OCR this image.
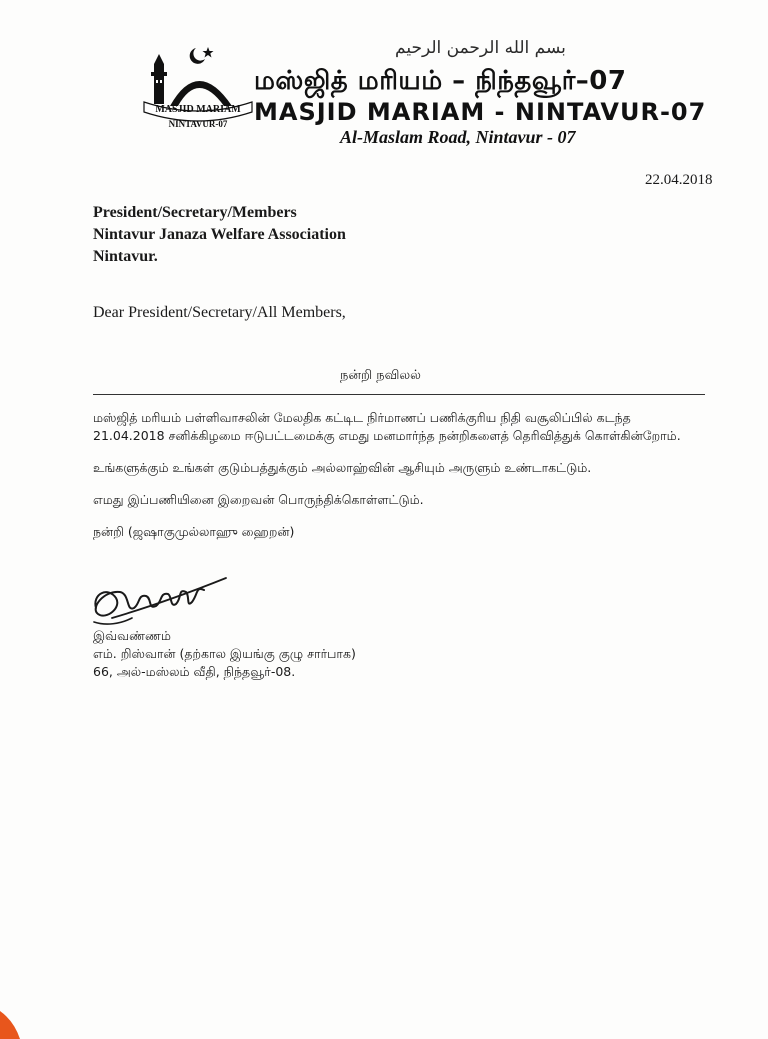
MASJID MARIAM
NINTAVUR-07
بسم الله الرحمن الرحيم
மஸ்ஜித் மரியம் – நிந்தவூர்–07
MASJID MARIAM - NINTAVUR-07
Al-Maslam Road, Nintavur - 07
22.04.2018
President/Secretary/Members
Nintavur Janaza Welfare Association
Nintavur.
Dear President/Secretary/All Members,
நன்றி நவிலல்
மஸ்ஜித் மரியம் பள்ளிவாசலின் மேலதிக கட்டிட நிர்மாணப் பணிக்குரிய நிதி வசூலிப்பில் கடந்த
21.04.2018 சனிக்கிழமை ஈடுபட்டமைக்கு எமது மனமார்ந்த நன்றிகளைத் தெரிவித்துக் கொள்கின்றோம்.
உங்களுக்கும் உங்கள் குடும்பத்துக்கும் அல்லாஹ்வின் ஆசியும் அருளும் உண்டாகட்டும்.
எமது இப்பணியினை இறைவன் பொருந்திக்கொள்ளட்டும்.
நன்றி (ஜஷாகுமுல்லாஹு ஹைறன்)
இவ்வண்ணம்
எம். றிஸ்வான் (தற்கால இயங்கு குழு சார்பாக)
66, அல்-மஸ்லம் வீதி, நிந்தவூர்-08.
